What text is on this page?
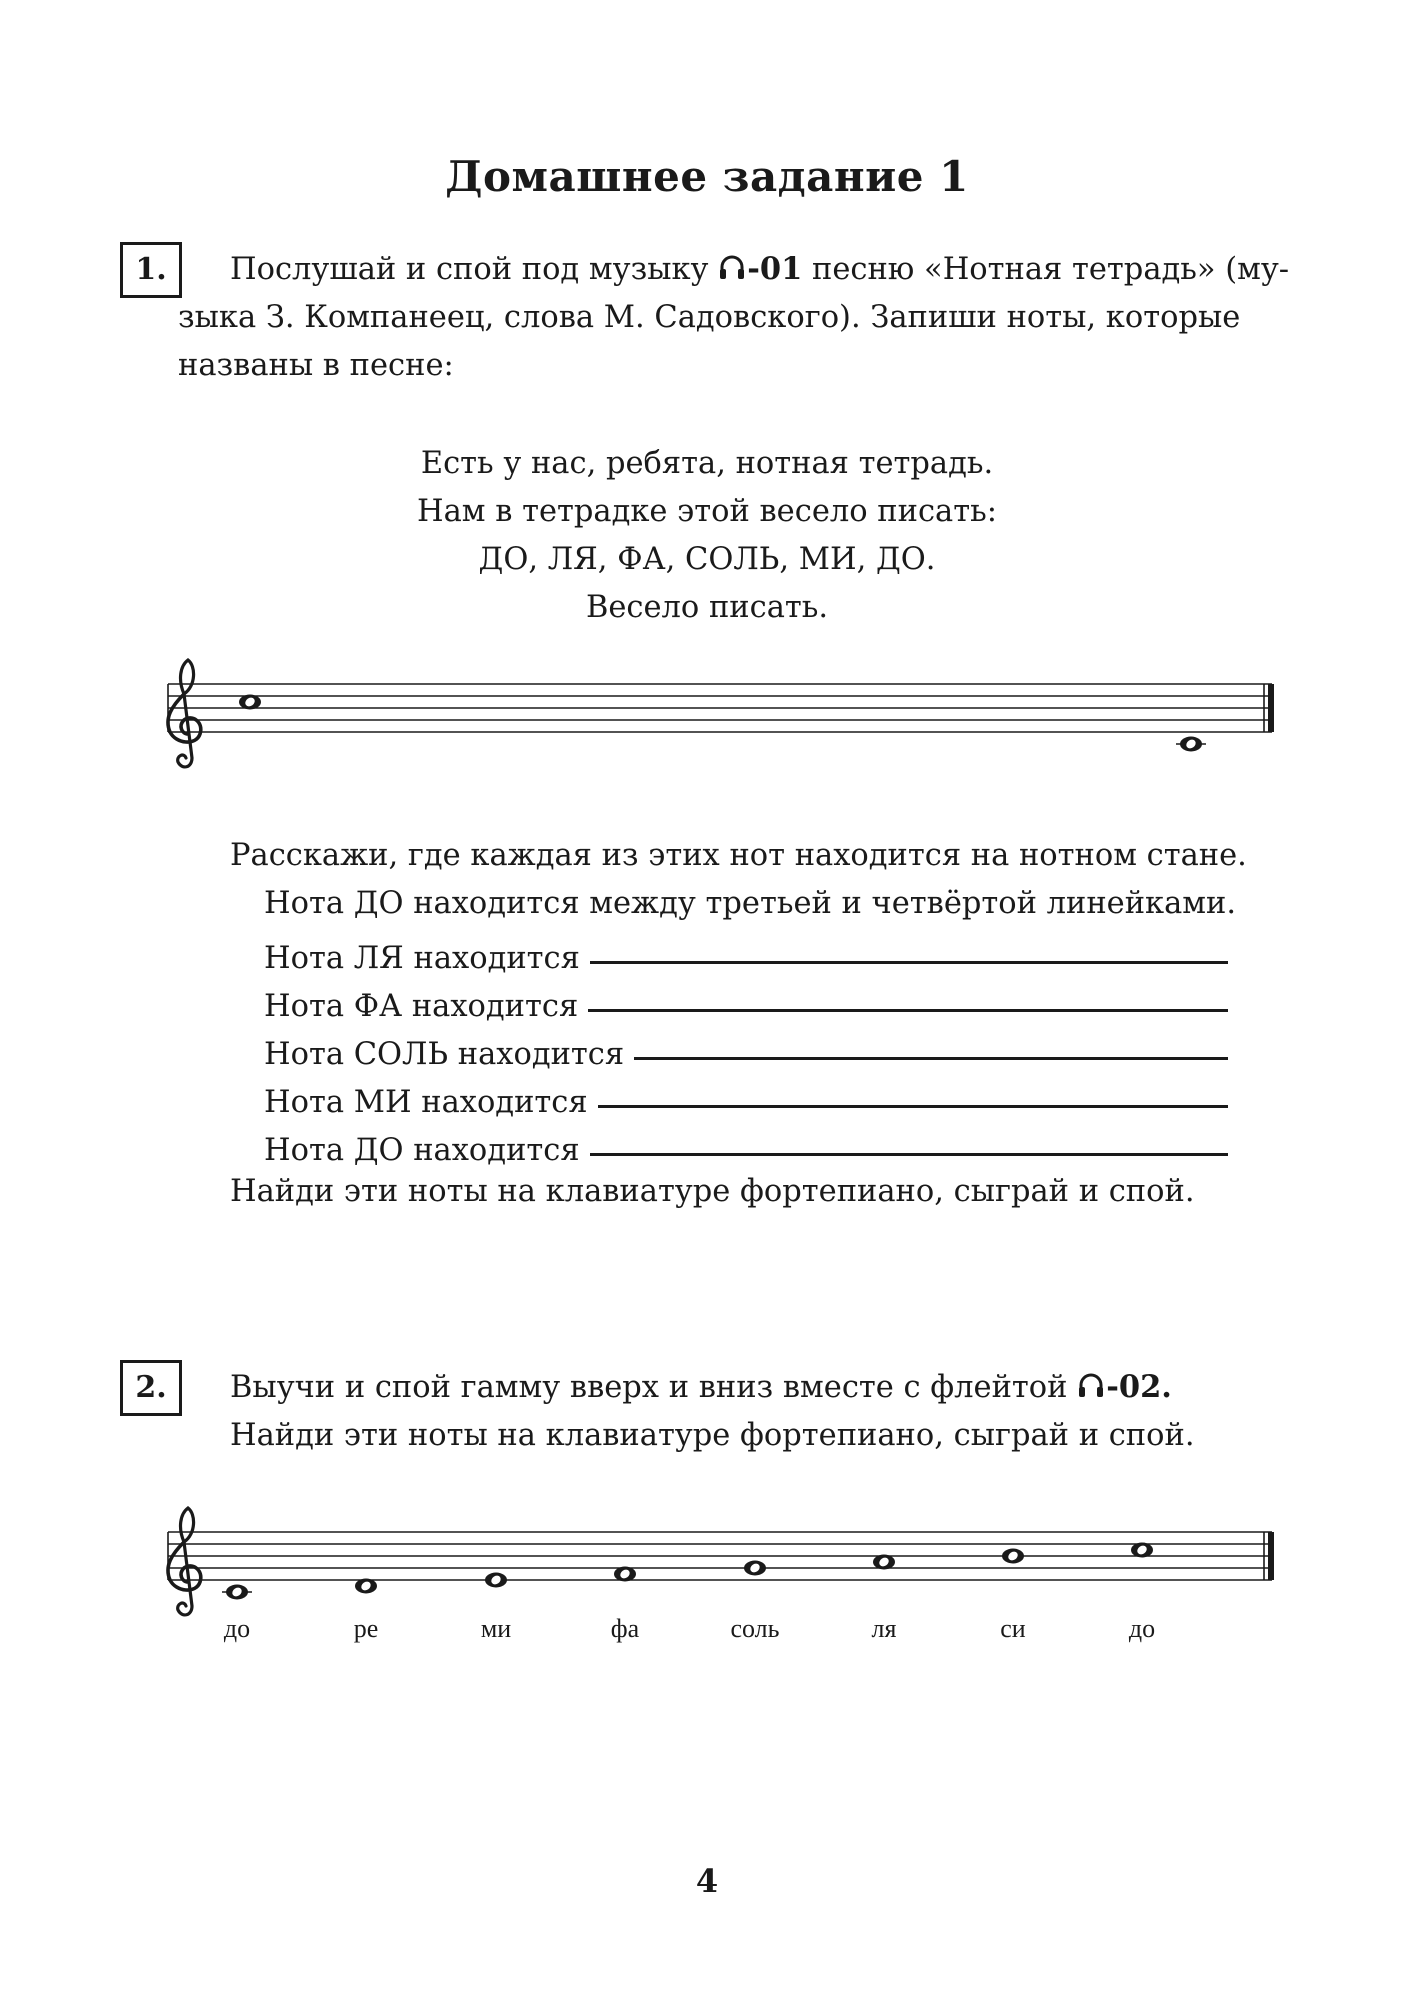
Домашнее задание 1
1.	Послушай и спой под музыку -01 песню «Нотная тетрадь» (му-
зыка З. Компанеец, слова М. Садовского). Запиши ноты, которые
названы в песне:
Есть у нас, ребята, нотная тетрадь.
Нам в тетрадке этой весело писать:
ДО, ЛЯ, ФА, СОЛЬ, МИ, ДО.
Весело писать.
Расскажи, где каждая из этих нот находится на нотном стане.
Нота ДО находится между третьей и четвёртой линейками.
Нота ЛЯ находится
Нота ФА находится
Нота СОЛЬ находится
Нота МИ находится
Нота ДО находится
Найди эти ноты на клавиатуре фортепиано, сыграй и спой.
2.	Выучи и спой гамму вверх и вниз вместе с флейтой -02.
Найди эти ноты на клавиатуре фортепиано, сыграй и спой.
до	ре	ми	фа	соль	ля	си	до
4
